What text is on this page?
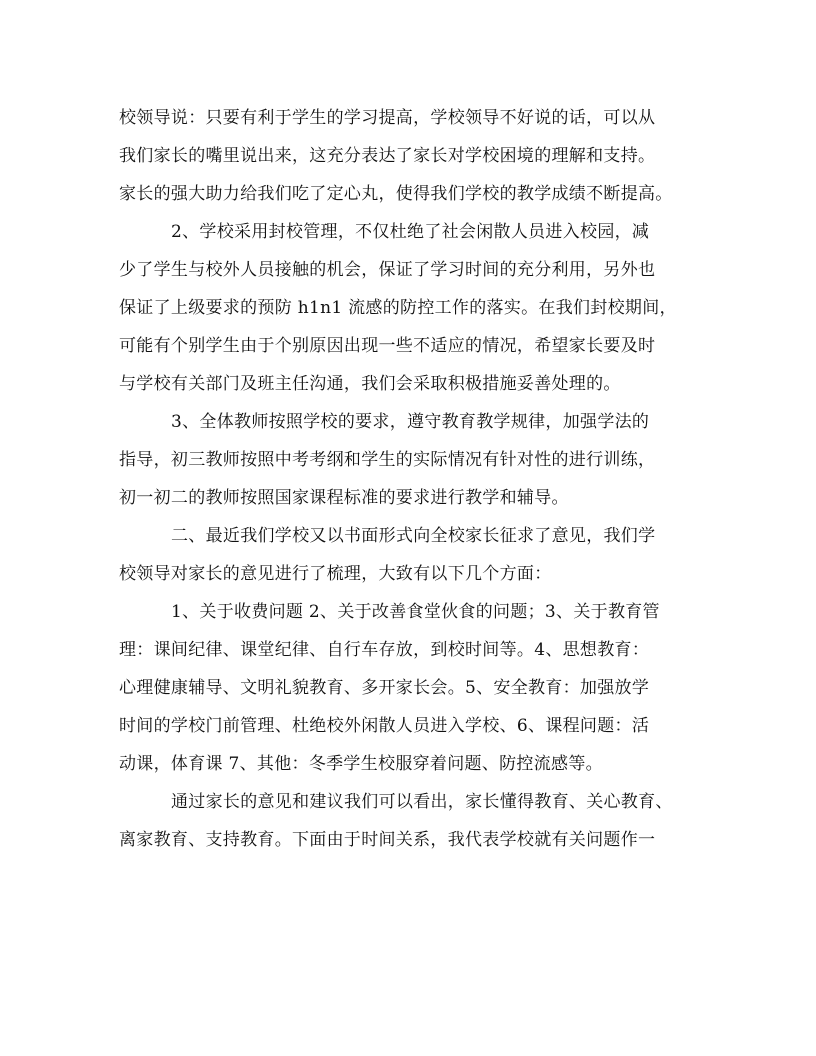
校领导说：只要有利于学生的学习提高，学校领导不好说的话，可以从
我们家长的嘴里说出来，这充分表达了家长对学校困境的理解和支持。
家长的强大助力给我们吃了定心丸，使得我们学校的教学成绩不断提高。
2、学校采用封校管理，不仅杜绝了社会闲散人员进入校园，减
少了学生与校外人员接触的机会，保证了学习时间的充分利用，另外也
保证了上级要求的预防 h1n1 流感的防控工作的落实。在我们封校期间，
可能有个别学生由于个别原因出现一些不适应的情况，希望家长要及时
与学校有关部门及班主任沟通，我们会采取积极措施妥善处理的。
3、全体教师按照学校的要求，遵守教育教学规律，加强学法的
指导，初三教师按照中考考纲和学生的实际情况有针对性的进行训练，
初一初二的教师按照国家课程标准的要求进行教学和辅导。
二、最近我们学校又以书面形式向全校家长征求了意见，我们学
校领导对家长的意见进行了梳理，大致有以下几个方面：
1、关于收费问题 2、关于改善食堂伙食的问题；3、关于教育管
理：课间纪律、课堂纪律、自行车存放，到校时间等。4、思想教育：
心理健康辅导、文明礼貌教育、多开家长会。5、安全教育：加强放学
时间的学校门前管理、杜绝校外闲散人员进入学校、6、课程问题：活
动课，体育课 7、其他：冬季学生校服穿着问题、防控流感等。
通过家长的意见和建议我们可以看出，家长懂得教育、关心教育、
离家教育、支持教育。下面由于时间关系，我代表学校就有关问题作一
